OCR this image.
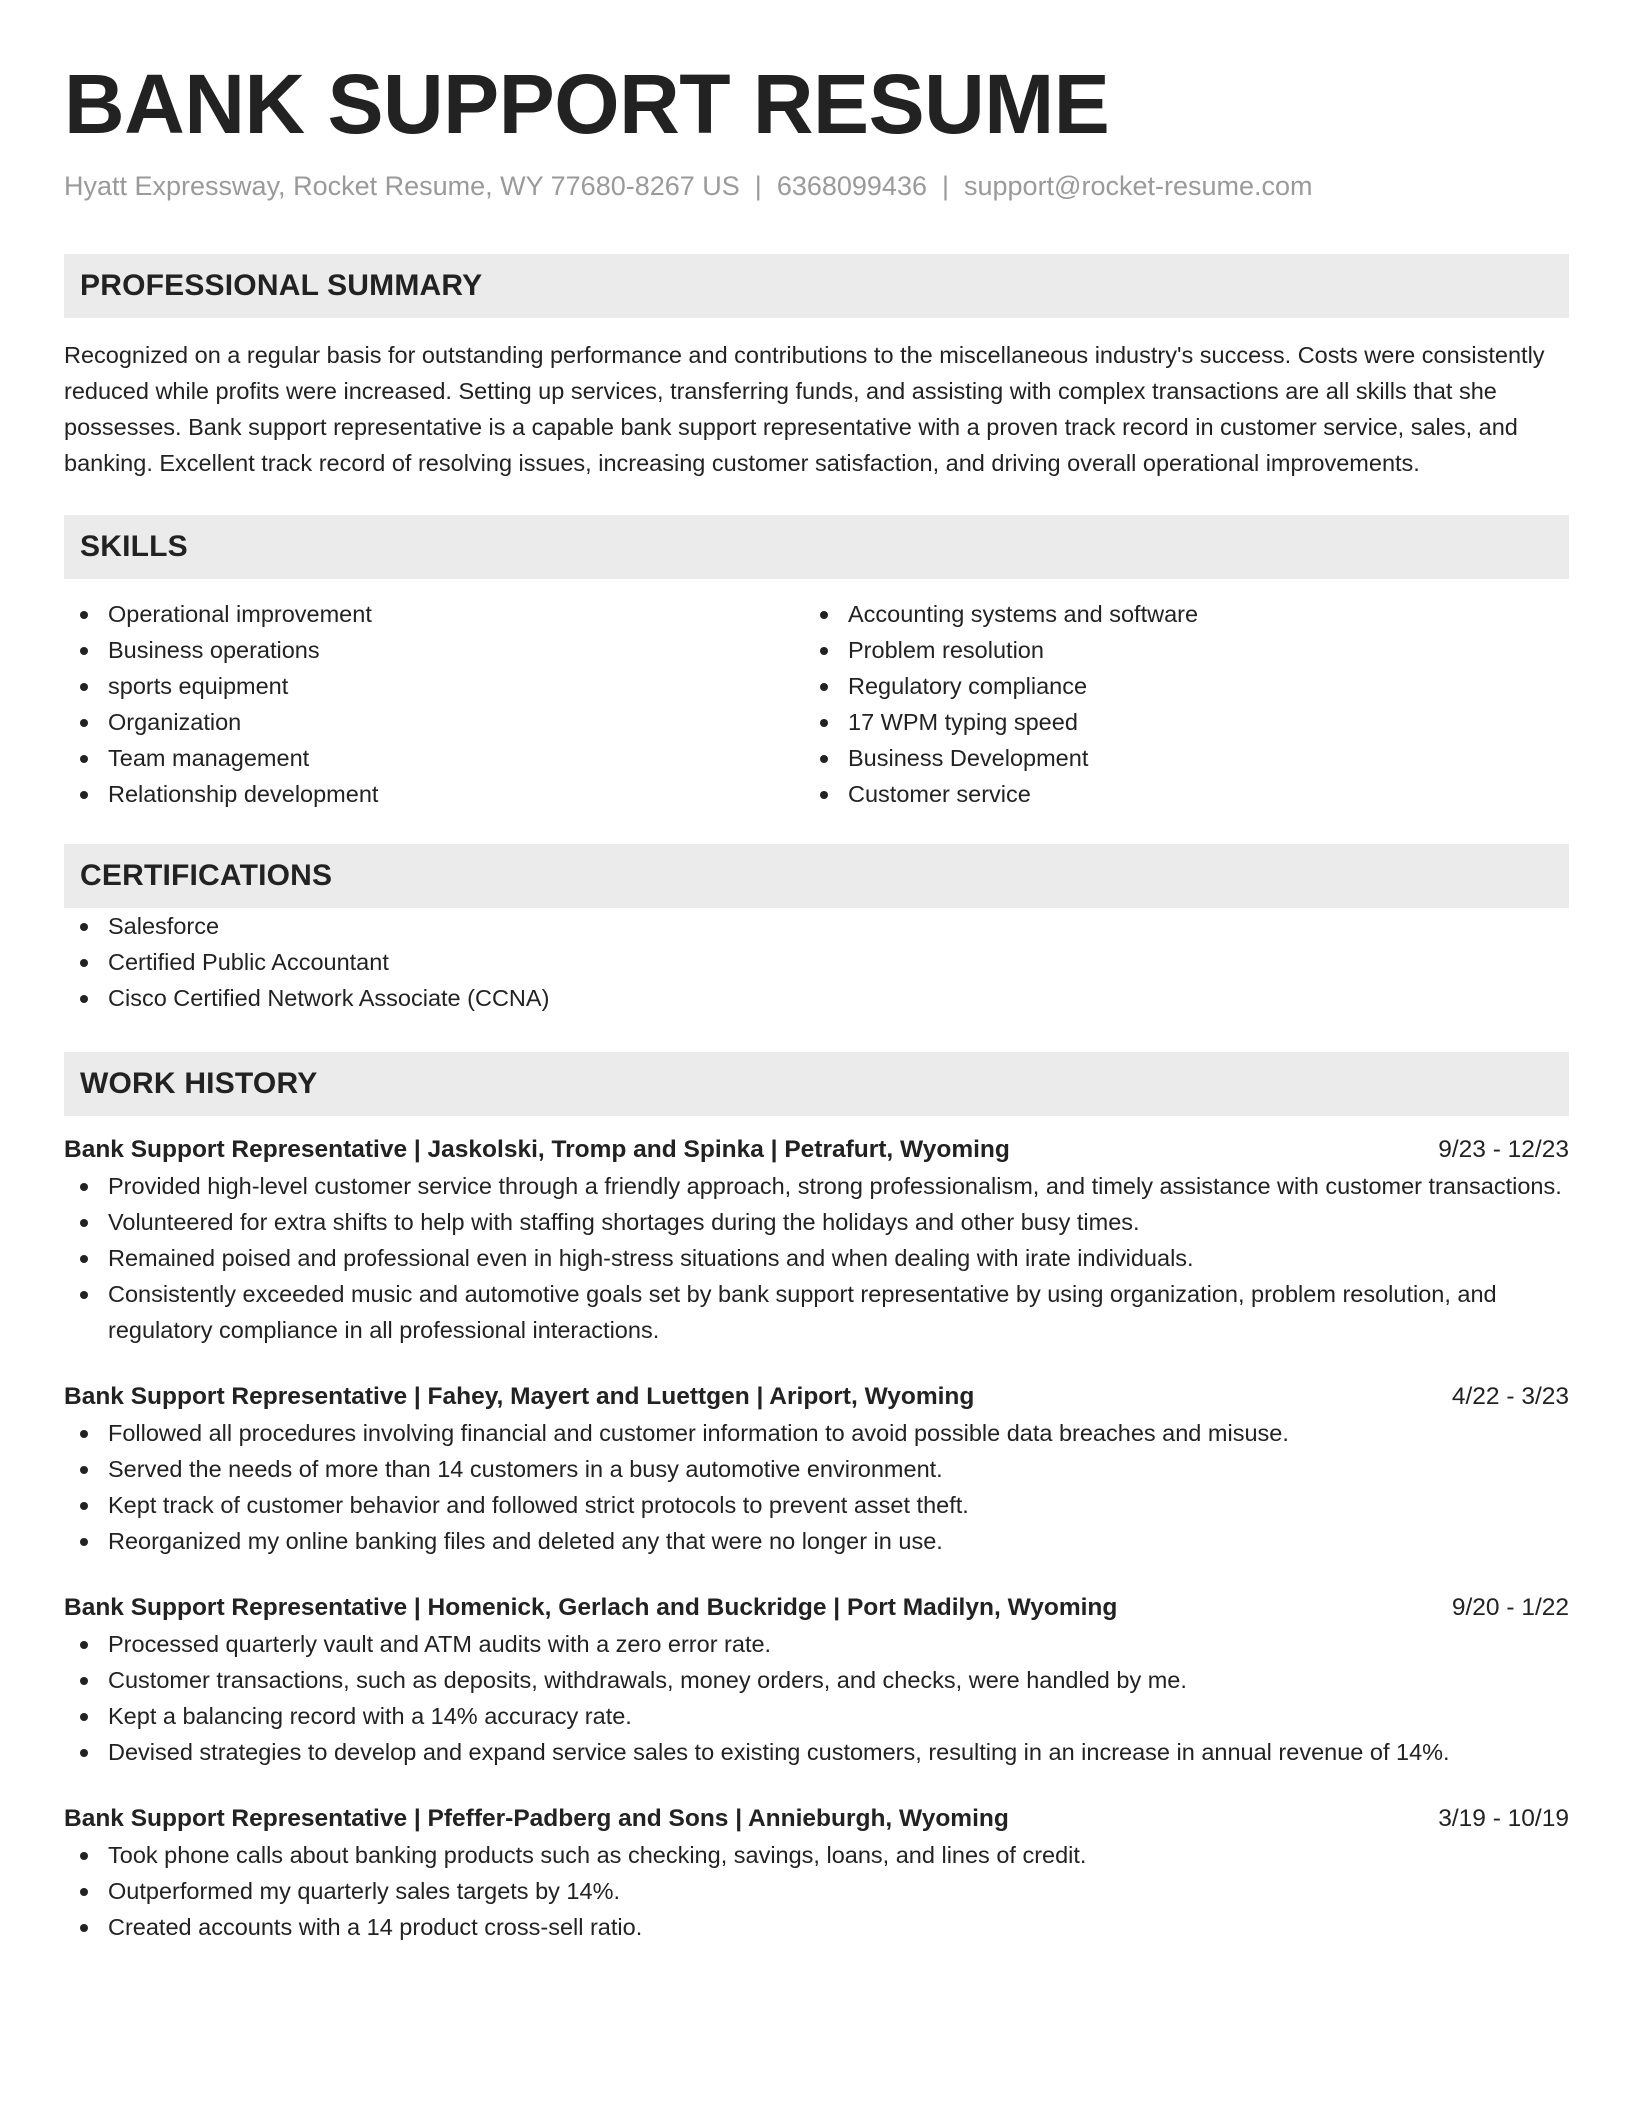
BANK SUPPORT RESUME
Hyatt Expressway, Rocket Resume, WY 77680-8267 US | 6368099436 | support@rocket-resume.com
PROFESSIONAL SUMMARY
Recognized on a regular basis for outstanding performance and contributions to the miscellaneous industry's success. Costs were consistently reduced while profits were increased. Setting up services, transferring funds, and assisting with complex transactions are all skills that she possesses. Bank support representative is a capable bank support representative with a proven track record in customer service, sales, and banking. Excellent track record of resolving issues, increasing customer satisfaction, and driving overall operational improvements.
SKILLS
Operational improvement
Business operations
sports equipment
Organization
Team management
Relationship development
Accounting systems and software
Problem resolution
Regulatory compliance
17 WPM typing speed
Business Development
Customer service
CERTIFICATIONS
Salesforce
Certified Public Accountant
Cisco Certified Network Associate (CCNA)
WORK HISTORY
Bank Support Representative | Jaskolski, Tromp and Spinka | Petrafurt, Wyoming	9/23 - 12/23
Provided high-level customer service through a friendly approach, strong professionalism, and timely assistance with customer transactions.
Volunteered for extra shifts to help with staffing shortages during the holidays and other busy times.
Remained poised and professional even in high-stress situations and when dealing with irate individuals.
Consistently exceeded music and automotive goals set by bank support representative by using organization, problem resolution, and regulatory compliance in all professional interactions.
Bank Support Representative | Fahey, Mayert and Luettgen | Ariport, Wyoming	4/22 - 3/23
Followed all procedures involving financial and customer information to avoid possible data breaches and misuse.
Served the needs of more than 14 customers in a busy automotive environment.
Kept track of customer behavior and followed strict protocols to prevent asset theft.
Reorganized my online banking files and deleted any that were no longer in use.
Bank Support Representative | Homenick, Gerlach and Buckridge | Port Madilyn, Wyoming	9/20 - 1/22
Processed quarterly vault and ATM audits with a zero error rate.
Customer transactions, such as deposits, withdrawals, money orders, and checks, were handled by me.
Kept a balancing record with a 14% accuracy rate.
Devised strategies to develop and expand service sales to existing customers, resulting in an increase in annual revenue of 14%.
Bank Support Representative | Pfeffer-Padberg and Sons | Annieburgh, Wyoming	3/19 - 10/19
Took phone calls about banking products such as checking, savings, loans, and lines of credit.
Outperformed my quarterly sales targets by 14%.
Created accounts with a 14 product cross-sell ratio.
